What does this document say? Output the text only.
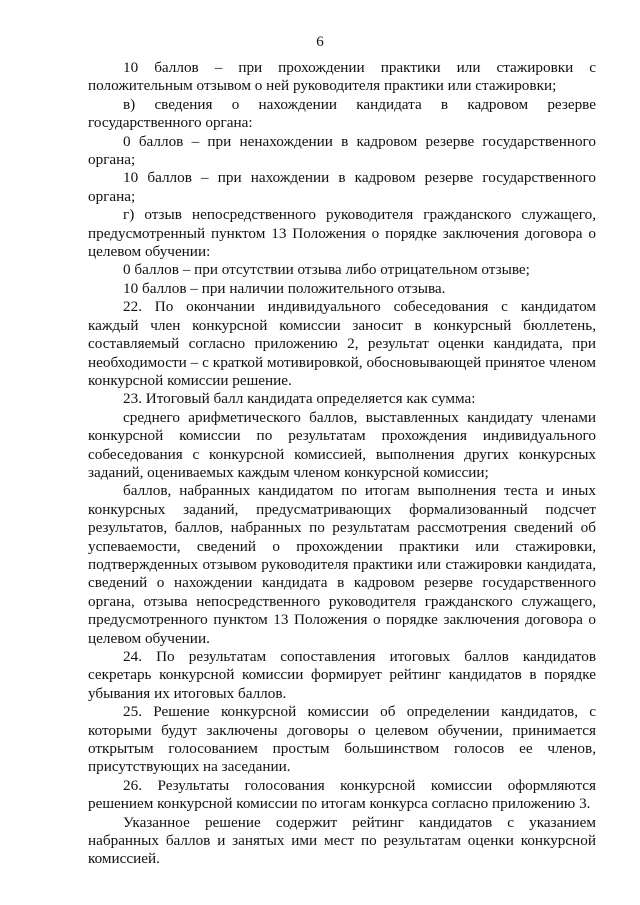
6

10 баллов – при прохождении практики или стажировки с положительным отзывом о ней руководителя практики или стажировки;

в) сведения о нахождении кандидата в кадровом резерве государственного органа:

0 баллов – при ненахождении в кадровом резерве государственного органа;

10 баллов – при нахождении в кадровом резерве государственного органа;

г) отзыв непосредственного руководителя гражданского служащего, предусмотренный пунктом 13 Положения о порядке заключения договора о целевом обучении:

0 баллов – при отсутствии отзыва либо отрицательном отзыве;

10 баллов – при наличии положительного отзыва.

22. По окончании индивидуального собеседования с кандидатом каждый член конкурсной комиссии заносит в конкурсный бюллетень, составляемый согласно приложению 2, результат оценки кандидата, при необходимости – с краткой мотивировкой, обосновывающей принятое членом конкурсной комиссии решение.

23. Итоговый балл кандидата определяется как сумма:

среднего арифметического баллов, выставленных кандидату членами конкурсной комиссии по результатам прохождения индивидуального собеседования с конкурсной комиссией, выполнения других конкурсных заданий, оцениваемых каждым членом конкурсной комиссии;

баллов, набранных кандидатом по итогам выполнения теста и иных конкурсных заданий, предусматривающих формализованный подсчет результатов, баллов, набранных по результатам рассмотрения сведений об успеваемости, сведений о прохождении практики или стажировки, подтвержденных отзывом руководителя практики или стажировки кандидата, сведений о нахождении кандидата в кадровом резерве государственного органа, отзыва непосредственного руководителя гражданского служащего, предусмотренного пунктом 13 Положения о порядке заключения договора о целевом обучении.

24. По результатам сопоставления итоговых баллов кандидатов секретарь конкурсной комиссии формирует рейтинг кандидатов в порядке убывания их итоговых баллов.

25. Решение конкурсной комиссии об определении кандидатов, с которыми будут заключены договоры о целевом обучении, принимается открытым голосованием простым большинством голосов ее членов, присутствующих на заседании.

26. Результаты голосования конкурсной комиссии оформляются решением конкурсной комиссии по итогам конкурса согласно приложению 3.

Указанное решение содержит рейтинг кандидатов с указанием набранных баллов и занятых ими мест по результатам оценки конкурсной комиссией.
